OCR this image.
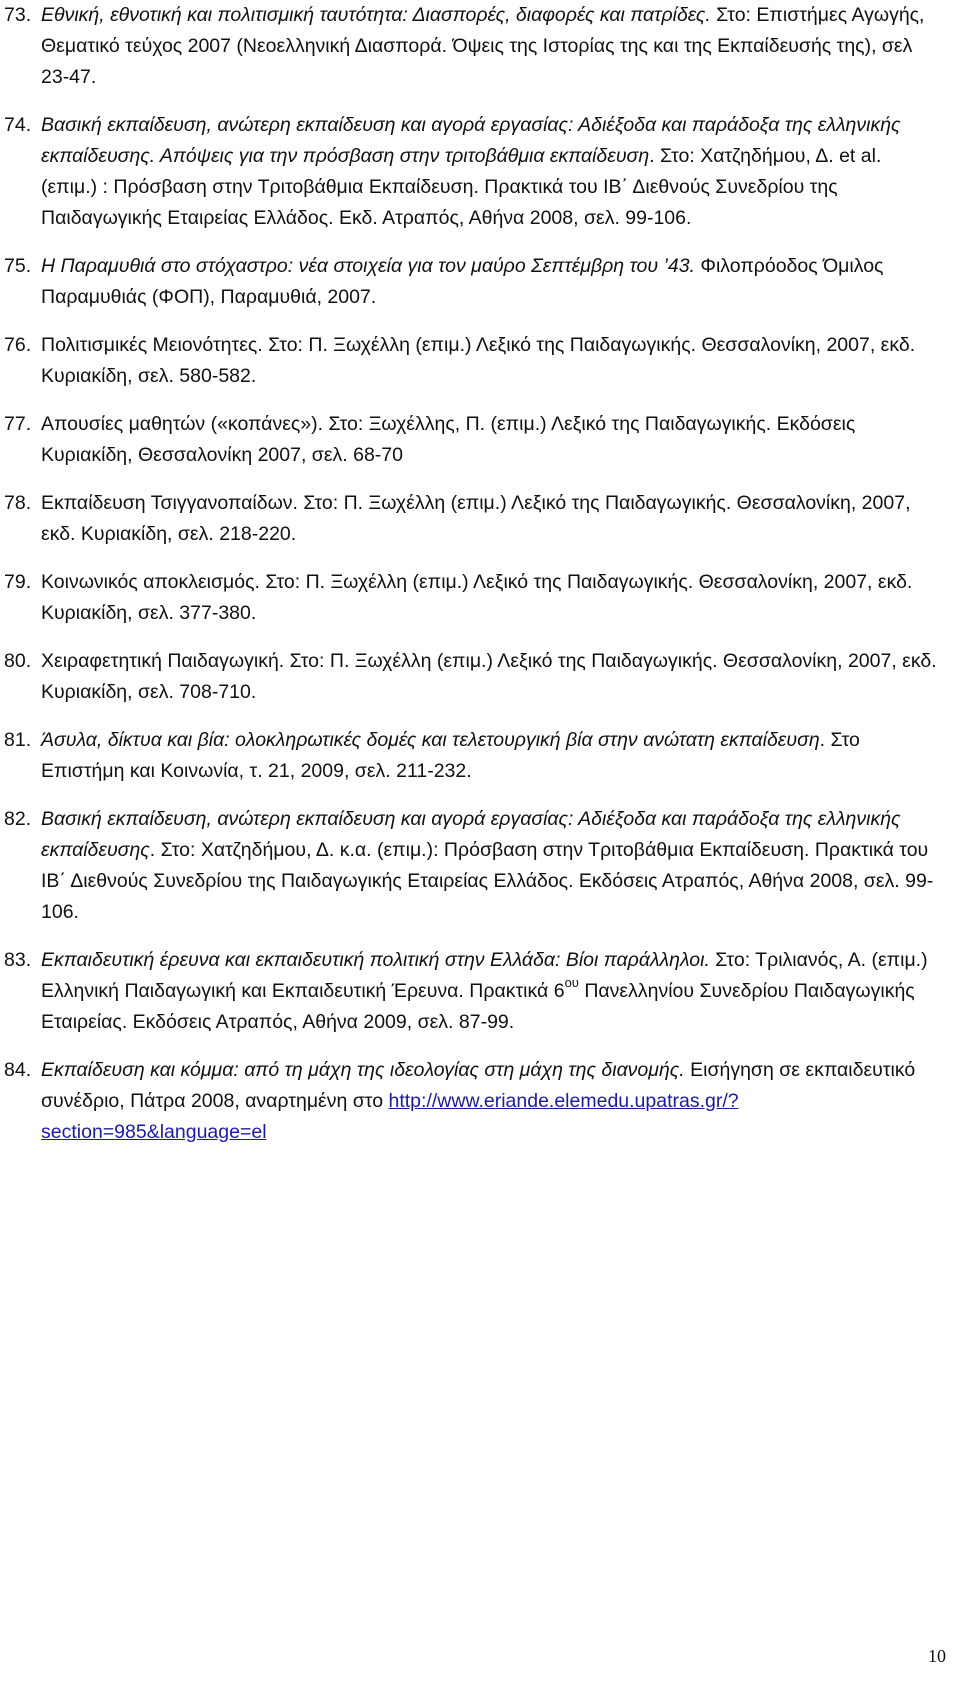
73. Εθνική, εθνοτική και πολιτισμική ταυτότητα: Διασπορές, διαφορές και πατρίδες. Στο: Επιστήμες Αγωγής, Θεματικό τεύχος 2007 (Νεοελληνική Διασπορά. Όψεις της Ιστορίας της και της Εκπαίδευσής της), σελ 23-47.

74. Βασική εκπαίδευση, ανώτερη εκπαίδευση και αγορά εργασίας: Αδιέξοδα και παράδοξα της ελληνικής εκπαίδευσης. Απόψεις για την πρόσβαση στην τριτοβάθμια εκπαίδευση. Στο: Χατζηδήμου, Δ. et al. (επιμ.) : Πρόσβαση στην Τριτοβάθμια Εκπαίδευση. Πρακτικά του ΙΒ΄ Διεθνούς Συνεδρίου της Παιδαγωγικής Εταιρείας Ελλάδος. Εκδ. Ατραπός, Αθήνα 2008, σελ. 99-106.

75. Η Παραμυθιά στο στόχαστρο: νέα στοιχεία για τον μαύρο Σεπτέμβρη του ’43. Φιλοπρόοδος Όμιλος Παραμυθιάς (ΦΟΠ), Παραμυθιά, 2007.

76. Πολιτισμικές Μειονότητες. Στο: Π. Ξωχέλλη (επιμ.) Λεξικό της Παιδαγωγικής. Θεσσαλονίκη, 2007, εκδ. Κυριακίδη, σελ. 580-582.

77. Απουσίες μαθητών («κοπάνες»). Στο: Ξωχέλλης, Π. (επιμ.) Λεξικό της Παιδαγωγικής. Εκδόσεις Κυριακίδη, Θεσσαλονίκη 2007, σελ. 68-70

78. Εκπαίδευση Τσιγγανοπαίδων. Στο: Π. Ξωχέλλη (επιμ.) Λεξικό της Παιδαγωγικής. Θεσσαλονίκη, 2007, εκδ. Κυριακίδη, σελ. 218-220.

79. Κοινωνικός αποκλεισμός. Στο: Π. Ξωχέλλη (επιμ.) Λεξικό της Παιδαγωγικής. Θεσσαλονίκη, 2007, εκδ. Κυριακίδη, σελ. 377-380.

80. Χειραφετητική Παιδαγωγική. Στο: Π. Ξωχέλλη (επιμ.) Λεξικό της Παιδαγωγικής. Θεσσαλονίκη, 2007, εκδ. Κυριακίδη, σελ. 708-710.

81. Άσυλα, δίκτυα και βία: ολοκληρωτικές δομές και τελετουργική βία στην ανώτατη εκπαίδευση. Στο Επιστήμη και Κοινωνία, τ. 21, 2009, σελ. 211-232.

82. Βασική εκπαίδευση, ανώτερη εκπαίδευση και αγορά εργασίας: Αδιέξοδα και παράδοξα της ελληνικής εκπαίδευσης. Στο: Χατζηδήμου, Δ. κ.α. (επιμ.): Πρόσβαση στην Τριτοβάθμια Εκπαίδευση. Πρακτικά του ΙΒ΄ Διεθνούς Συνεδρίου της Παιδαγωγικής Εταιρείας Ελλάδος. Εκδόσεις Ατραπός, Αθήνα 2008, σελ. 99-106.

83. Εκπαιδευτική έρευνα και εκπαιδευτική πολιτική στην Ελλάδα: Βίοι παράλληλοι. Στο: Τριλιανός, Α. (επιμ.) Ελληνική Παιδαγωγική και Εκπαιδευτική Έρευνα. Πρακτικά $6^{o\upsilon}$ Πανελληνίου Συνεδρίου Παιδαγωγικής Εταιρείας. Εκδόσεις Ατραπός, Αθήνα 2009, σελ. 87-99.

84. Εκπαίδευση και κόμμα: από τη μάχη της ιδεολογίας στη μάχη της διανομής. Εισήγηση σε εκπαιδευτικό συνέδριο, Πάτρα 2008, αναρτημένη στο http://www.eriande.elemedu.upatras.gr/?section=985&language=el

10
